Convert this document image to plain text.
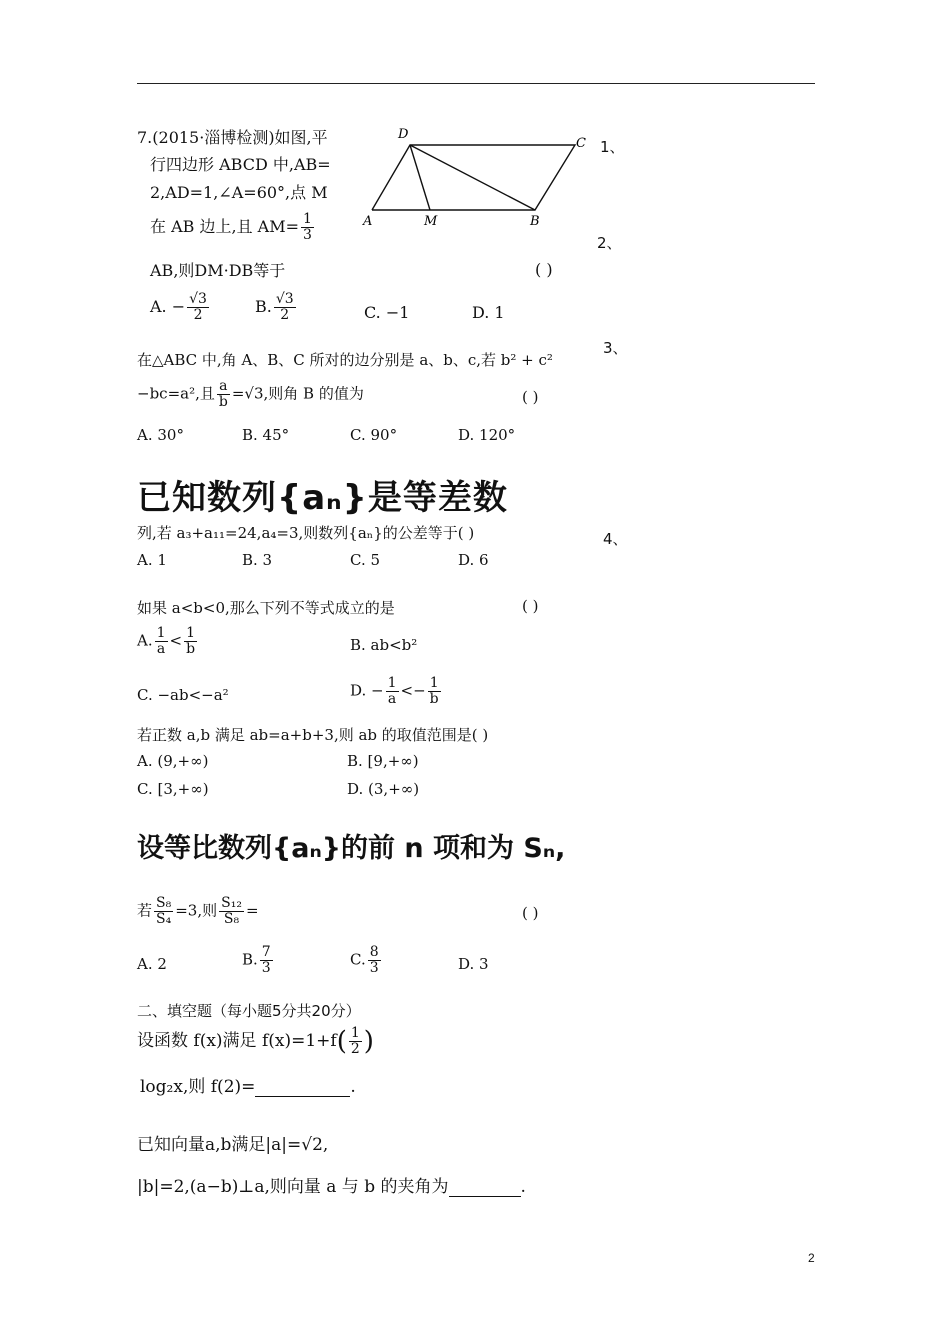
1、
2、
3、
4、
7.(2015·淄博检测)如图,平
行四边形 ABCD 中,AB=
2,AD=1,∠A=60°,点 M
在 AB 边上,且 $AM= \frac{1}{3}$
AB,则DM·DB等于	( )
D
C
A	M	B
A. − $\frac{√3}{2}$	B. $\frac{√3}{2}$	C. −1	D. 1
在△ABC 中,角 A、B、C 所对的边分别是 a、b、c,若 b² + c²
−bc=a²,且 $\frac{a}{b} =√3$,则角 B 的值为	( )
A. 30°	B. 45°	C. 90°	D. 120°
已知数列{aₙ}是等差数
列,若 a₃+a₁₁=24,a₄=3,则数列{aₙ}的公差等于( )
A. 1	B. 3	C. 5	D. 6
如果 a<b<0,那么下列不等式成立的是	( )
A. $\frac{1}{a} < \frac{1}{b}$	B. ab<b²
C. −ab<−a²	D. − $\frac{1}{a} <- \frac{1}{b}$
若正数 a,b 满足 ab=a+b+3,则 ab 的取值范围是( )
A. (9,+∞)	B. [9,+∞)
C. [3,+∞)	D. (3,+∞)
设等比数列{aₙ}的前 n 项和为 Sₙ,
若 $\frac{\text{S₈}}{\text{S₄}} =3$,则 $\frac{\text{S₁₂}}{\text{S₈}}$ =	( )
A. 2	B. $\frac{7}{3}$	C. $\frac{8}{3}$	D. 3
二、填空题（每小题5分共20分）
设函数 f(x)满足 $f(x)=1+f( \frac{1}{2}$ )
log₂x,则 f(2)=	.
已知向量a,b满足|a|=√2,
|b|=2,(a−b)⊥a,则向量 a 与 b 的夹角为	.
2
